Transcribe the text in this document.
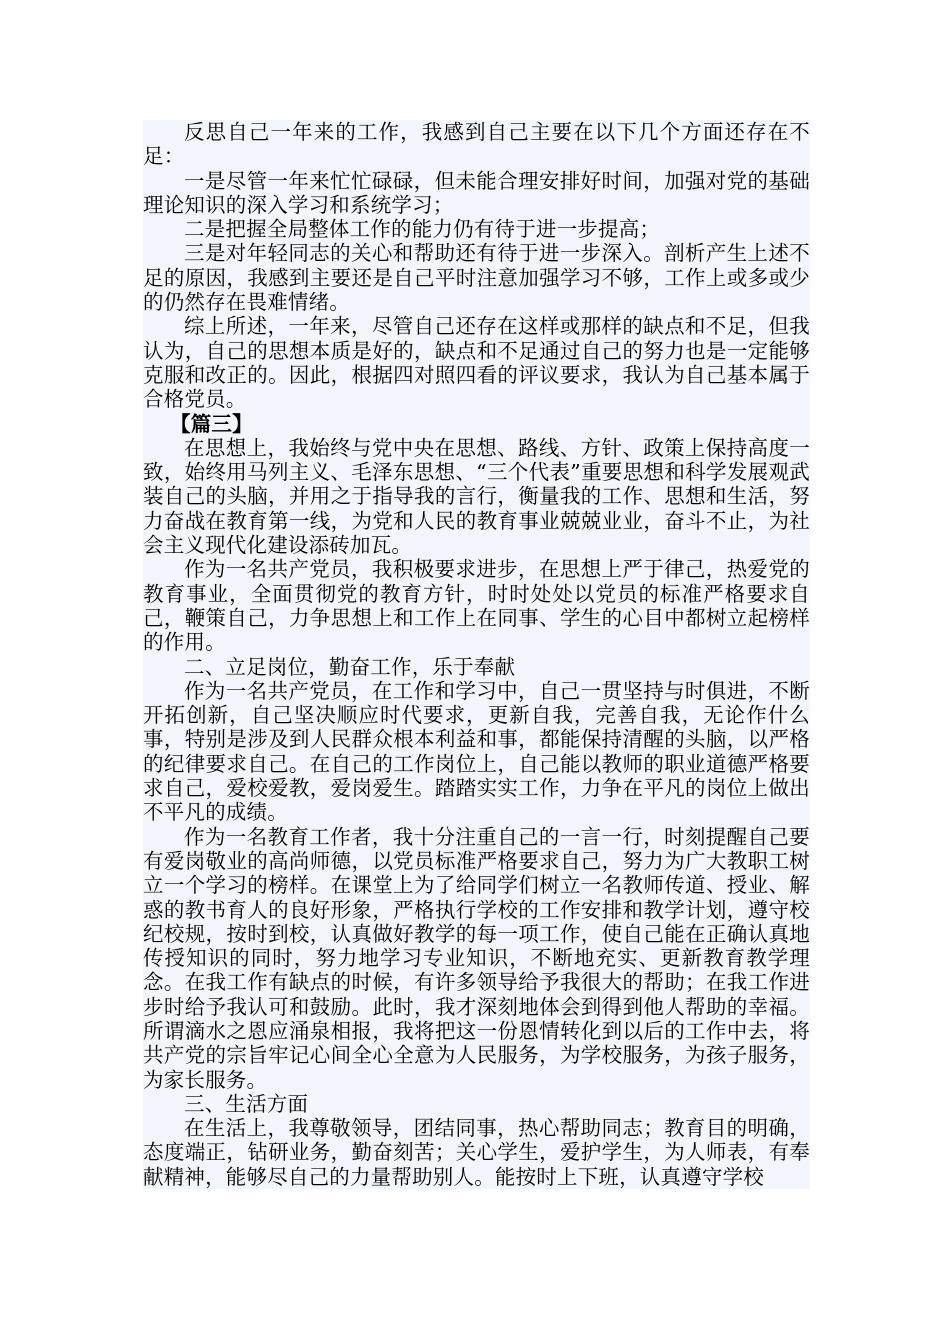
反思自己一年来的工作，我感到自己主要在以下几个方面还存在不足：

一是尽管一年来忙忙碌碌，但未能合理安排好时间，加强对党的基础理论知识的深入学习和系统学习；

二是把握全局整体工作的能力仍有待于进一步提高；

三是对年轻同志的关心和帮助还有待于进一步深入。剖析产生上述不足的原因，我感到主要还是自己平时注意加强学习不够，工作上或多或少的仍然存在畏难情绪。

综上所述，一年来，尽管自己还存在这样或那样的缺点和不足，但我认为，自己的思想本质是好的，缺点和不足通过自己的努力也是一定能够克服和改正的。因此，根据四对照四看的评议要求，我认为自己基本属于合格党员。

【篇三】

在思想上，我始终与党中央在思想、路线、方针、政策上保持高度一致，始终用马列主义、毛泽东思想、“三个代表”重要思想和科学发展观武装自己的头脑，并用之于指导我的言行，衡量我的工作、思想和生活，努力奋战在教育第一线，为党和人民的教育事业兢兢业业，奋斗不止，为社会主义现代化建设添砖加瓦。

作为一名共产党员，我积极要求进步，在思想上严于律己，热爱党的教育事业，全面贯彻党的教育方针，时时处处以党员的标准严格要求自己，鞭策自己，力争思想上和工作上在同事、学生的心目中都树立起榜样的作用。

二、立足岗位，勤奋工作，乐于奉献

作为一名共产党员，在工作和学习中，自己一贯坚持与时俱进，不断开拓创新，自己坚决顺应时代要求，更新自我，完善自我，无论作什么事，特别是涉及到人民群众根本利益和事，都能保持清醒的头脑，以严格的纪律要求自己。在自己的工作岗位上，自己能以教师的职业道德严格要求自己，爱校爱教，爱岗爱生。踏踏实实工作，力争在平凡的岗位上做出不平凡的成绩。

作为一名教育工作者，我十分注重自己的一言一行，时刻提醒自己要有爱岗敬业的高尚师德，以党员标准严格要求自己，努力为广大教职工树立一个学习的榜样。在课堂上为了给同学们树立一名教师传道、授业、解惑的教书育人的良好形象，严格执行学校的工作安排和教学计划，遵守校纪校规，按时到校，认真做好教学的每一项工作，使自己能在正确认真地传授知识的同时，努力地学习专业知识，不断地充实、更新教育教学理念。在我工作有缺点的时候，有许多领导给予我很大的帮助；在我工作进步时给予我认可和鼓励。此时，我才深刻地体会到得到他人帮助的幸福。所谓滴水之恩应涌泉相报，我将把这一份恩情转化到以后的工作中去，将共产党的宗旨牢记心间全心全意为人民服务，为学校服务，为孩子服务，为家长服务。

三、生活方面

在生活上，我尊敬领导，团结同事，热心帮助同志；教育目的明确，态度端正，钻研业务，勤奋刻苦；关心学生，爱护学生，为人师表，有奉献精神，能够尽自己的力量帮助别人。能按时上下班，认真遵守学校
